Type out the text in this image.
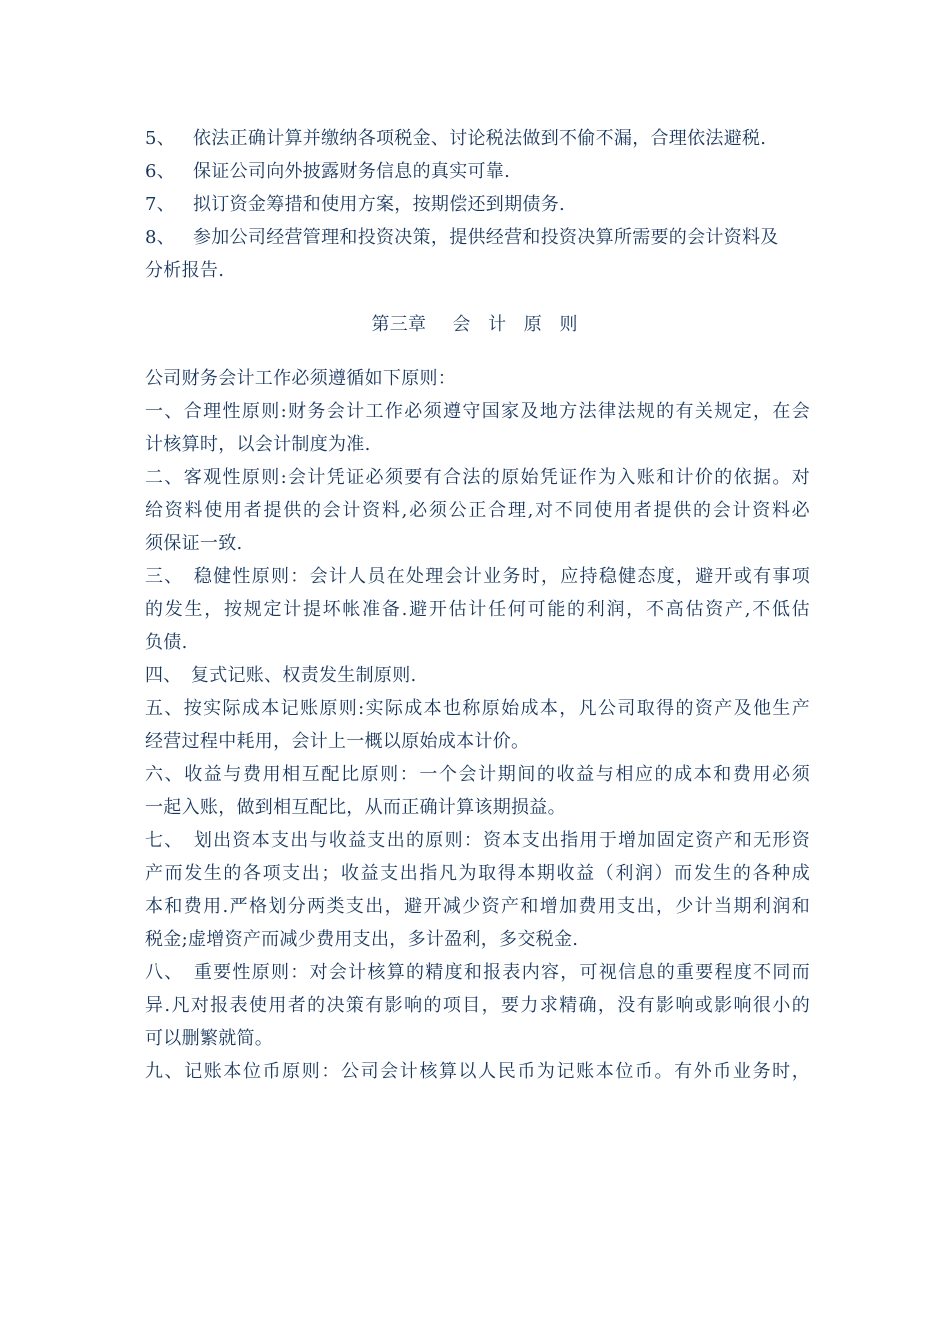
5、 依法正确计算并缴纳各项税金、讨论税法做到不偷不漏，合理依法避税.
6、 保证公司向外披露财务信息的真实可靠.
7、 拟订资金筹措和使用方案，按期偿还到期债务.
8、 参加公司经营管理和投资决策，提供经营和投资决算所需要的会计资料及
分析报告.
第三章 会 计 原 则
公司财务会计工作必须遵循如下原则：
一、合理性原则:财务会计工作必须遵守国家及地方法律法规的有关规定，在会
计核算时，以会计制度为准.
二、客观性原则:会计凭证必须要有合法的原始凭证作为入账和计价的依据。对
给资料使用者提供的会计资料,必须公正合理,对不同使用者提供的会计资料必
须保证一致.
三、　稳健性原则：会计人员在处理会计业务时，应持稳健态度，避开或有事项
的发生，按规定计提坏帐准备.避开估计任何可能的利润，不高估资产,不低估
负债.
四、　复式记账、权责发生制原则.
五、按实际成本记账原则:实际成本也称原始成本，凡公司取得的资产及他生产
经营过程中耗用，会计上一概以原始成本计价。
六、收益与费用相互配比原则：一个会计期间的收益与相应的成本和费用必须
一起入账，做到相互配比，从而正确计算该期损益。
七、　划出资本支出与收益支出的原则：资本支出指用于增加固定资产和无形资
产而发生的各项支出；收益支出指凡为取得本期收益（利润）而发生的各种成
本和费用.严格划分两类支出，避开减少资产和增加费用支出，少计当期利润和
税金;虚增资产而减少费用支出，多计盈利，多交税金.
八、　重要性原则：对会计核算的精度和报表内容，可视信息的重要程度不同而
异.凡对报表使用者的决策有影响的项目，要力求精确，没有影响或影响很小的
可以删繁就简。
九、记账本位币原则：公司会计核算以人民币为记账本位币。有外币业务时，
